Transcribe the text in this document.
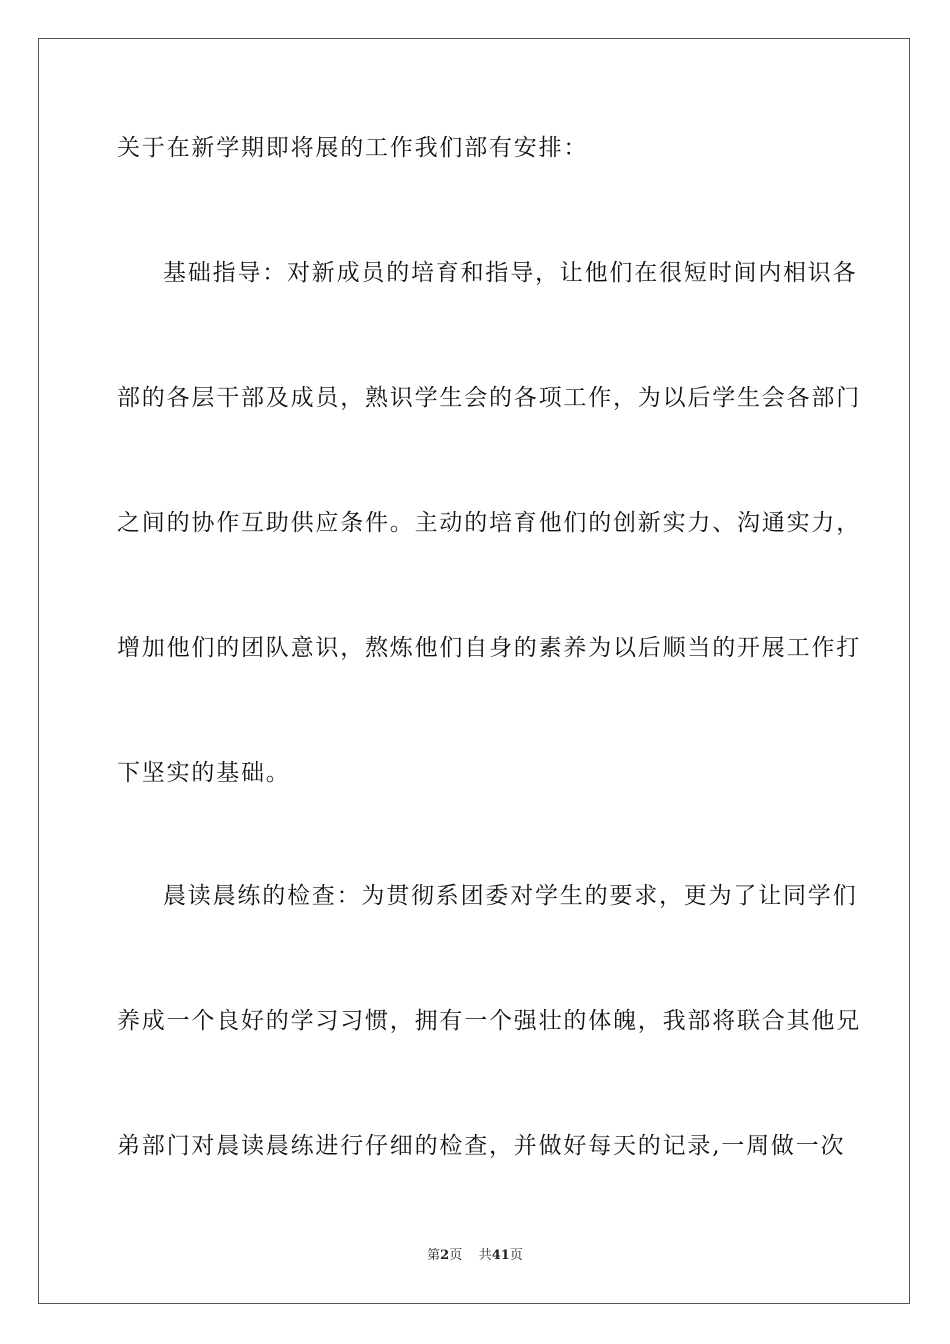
关于在新学期即将展的工作我们部有安排：
基础指导：对新成员的培育和指导，让他们在很短时间内相识各
部的各层干部及成员，熟识学生会的各项工作，为以后学生会各部门
之间的协作互助供应条件。主动的培育他们的创新实力、沟通实力，
增加他们的团队意识，熬炼他们自身的素养为以后顺当的开展工作打
下坚实的基础。
晨读晨练的检查：为贯彻系团委对学生的要求，更为了让同学们
养成一个良好的学习习惯，拥有一个强壮的体魄，我部将联合其他兄
弟部门对晨读晨练进行仔细的检查，并做好每天的记录,一周做一次
第2页 共41页
